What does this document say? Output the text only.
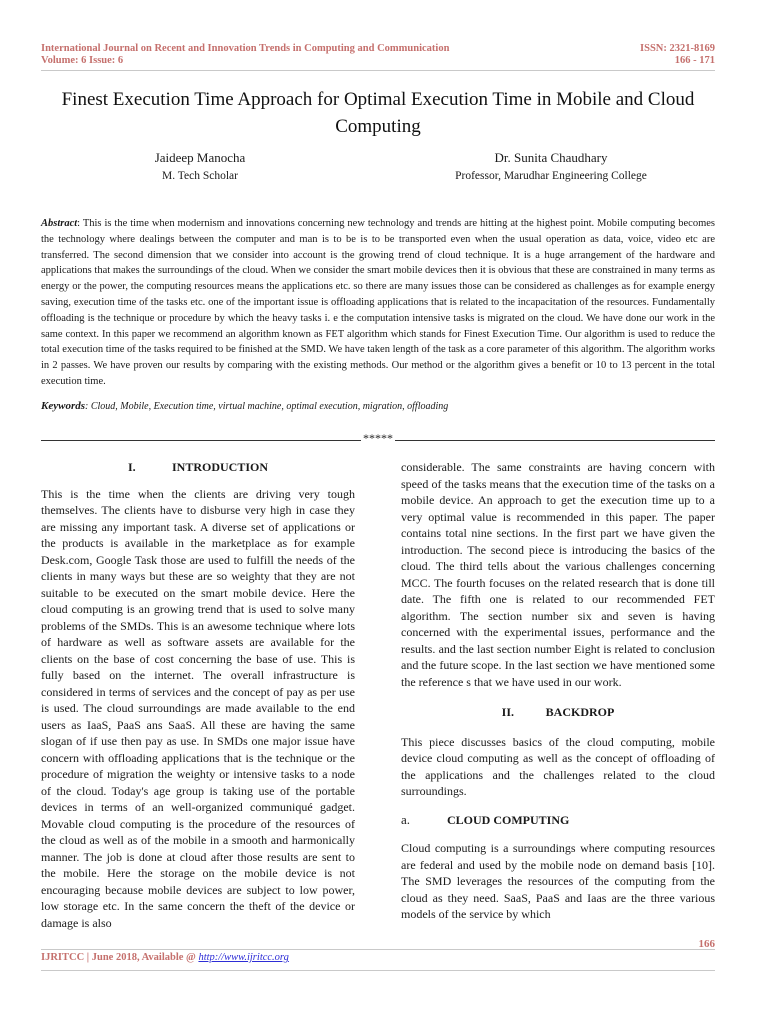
International Journal on Recent and Innovation Trends in Computing and Communication	ISSN: 2321-8169
Volume: 6 Issue: 6	166 - 171
Finest Execution Time Approach for Optimal Execution Time in Mobile and Cloud Computing
Jaideep Manocha
M. Tech Scholar
Dr. Sunita Chaudhary
Professor, Marudhar Engineering College
Abstract: This is the time when modernism and innovations concerning new technology and trends are hitting at the highest point. Mobile computing becomes the technology where dealings between the computer and man is to be is to be transported even when the usual operation as data, voice, video etc are transferred. The second dimension that we consider into account is the growing trend of cloud technique. It is a huge arrangement of the hardware and applications that makes the surroundings of the cloud. When we consider the smart mobile devices then it is obvious that these are constrained in many terms as energy or the power, the computing resources means the applications etc. so there are many issues those can be considered as challenges as for example energy saving, execution time of the tasks etc. one of the important issue is offloading applications that is related to the incapacitation of the resources. Fundamentally offloading is the technique or procedure by which the heavy tasks i. e the computation intensive tasks is migrated on the cloud. We have done our work in the same context. In this paper we recommend an algorithm known as FET algorithm which stands for Finest Execution Time. Our algorithm is used to reduce the total execution time of the tasks required to be finished at the SMD. We have taken length of the task as a core parameter of this algorithm. The algorithm works in 2 passes. We have proven our results by comparing with the existing methods. Our method or the algorithm gives a benefit or 10 to 13 percent in the total execution time.
Keywords: Cloud, Mobile, Execution time, virtual machine, optimal execution, migration, offloading
*****

I.	INTRODUCTION

This is the time when the clients are driving very tough themselves. The clients have to disburse very high in case they are missing any important task. A diverse set of applications or the products is available in the marketplace as for example Desk.com, Google Task those are used to fulfill the needs of the clients in many ways but these are so weighty that they are not suitable to be executed on the smart mobile device. Here the cloud computing is an growing trend that is used to solve many problems of the SMDs. This is an awesome technique where lots of hardware as well as software assets are available for the clients on the base of cost concerning the base of use. This is fully based on the internet. The overall infrastructure is considered in terms of services and the concept of pay as per use is used. The cloud surroundings are made available to the end users as IaaS, PaaS ans SaaS. All these are having the same slogan of if use then pay as use. In SMDs one major issue have concern with offloading applications that is the technique or the procedure of migration the weighty or intensive tasks to a node of the cloud. Today's age group is taking use of the portable devices in terms of an well-organized communiqué gadget. Movable cloud computing is the procedure of the resources of the cloud as well as of the mobile in a smooth and harmonically manner. The job is done at cloud after those results are sent to the mobile. Here the storage on the mobile device is not encouraging because mobile devices are subject to low power, low storage etc. In the same concern the theft of the device or damage is also

considerable. The same constraints are having concern with speed of the tasks means that the execution time of the tasks on a mobile device. An approach to get the execution time up to a very optimal value is recommended in this paper. The paper contains total nine sections. In the first part we have given the introduction. The second piece is introducing the basics of the cloud. The third tells about the various challenges concerning MCC. The fourth focuses on the related research that is done till date. The fifth one is related to our recommended FET algorithm. The section number six and seven is having concerned with the experimental issues, performance and the results. and the last section number Eight is related to conclusion and the future scope. In the last section we have mentioned some the reference s that we have used in our work.

II.	BACKDROP

This piece discusses basics of the cloud computing, mobile device cloud computing as well as the concept of offloading of the applications and the challenges related to the cloud surroundings.

a.	CLOUD COMPUTING

Cloud computing is a surroundings where computing resources are federal and used by the mobile node on demand basis [10]. The SMD leverages the resources of the computing from the cloud as they need. SaaS, PaaS and Iaas are the three various models of the service by which

166
IJRITCC | June 2018, Available @ http://www.ijritcc.org
